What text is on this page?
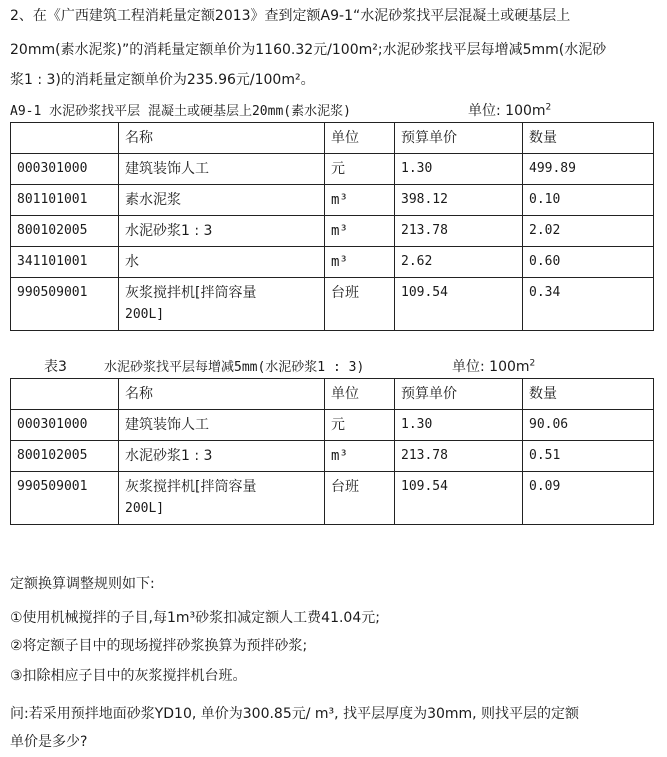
2、在《广西建筑工程消耗量定额2013》查到定额A9-1“水泥砂浆找平层混凝土或硬基层上

20mm(素水泥浆)”的消耗量定额单价为1160.32元/100m²;水泥砂浆找平层每增减5mm(水泥砂

浆1 : 3)的消耗量定额单价为235.96元/100m²。

A9-1 水泥砂浆找平层 混凝土或硬基层上20mm(素水泥浆)	单位: $100m^2$
	名称	单位	预算单价	数量
000301000	建筑装饰人工	元	1.30	499.89
801101001	素水泥浆	m³	398.12	0.10
800102005	水泥砂浆1 : 3	m³	213.78	2.02
341101001	水	m³	2.62	0.60
990509001	灰浆搅拌机[拌筒容量
200L]	台班	109.54	0.34
表3	水泥砂浆找平层每增减5mm(水泥砂浆1 : 3)	单位: $100m^2$
	名称	单位	预算单价	数量
000301000	建筑装饰人工	元	1.30	90.06
800102005	水泥砂浆1 : 3	m³	213.78	0.51
990509001	灰浆搅拌机[拌筒容量
200L]	台班	109.54	0.09

定额换算调整规则如下:

①使用机械搅拌的子目,每1m³砂浆扣减定额人工费41.04元;

②将定额子目中的现场搅拌砂浆换算为预拌砂浆;

③扣除相应子目中的灰浆搅拌机台班。

问:若采用预拌地面砂浆YD10, 单价为300.85元/ m³, 找平层厚度为30mm, 则找平层的定额

单价是多少?
